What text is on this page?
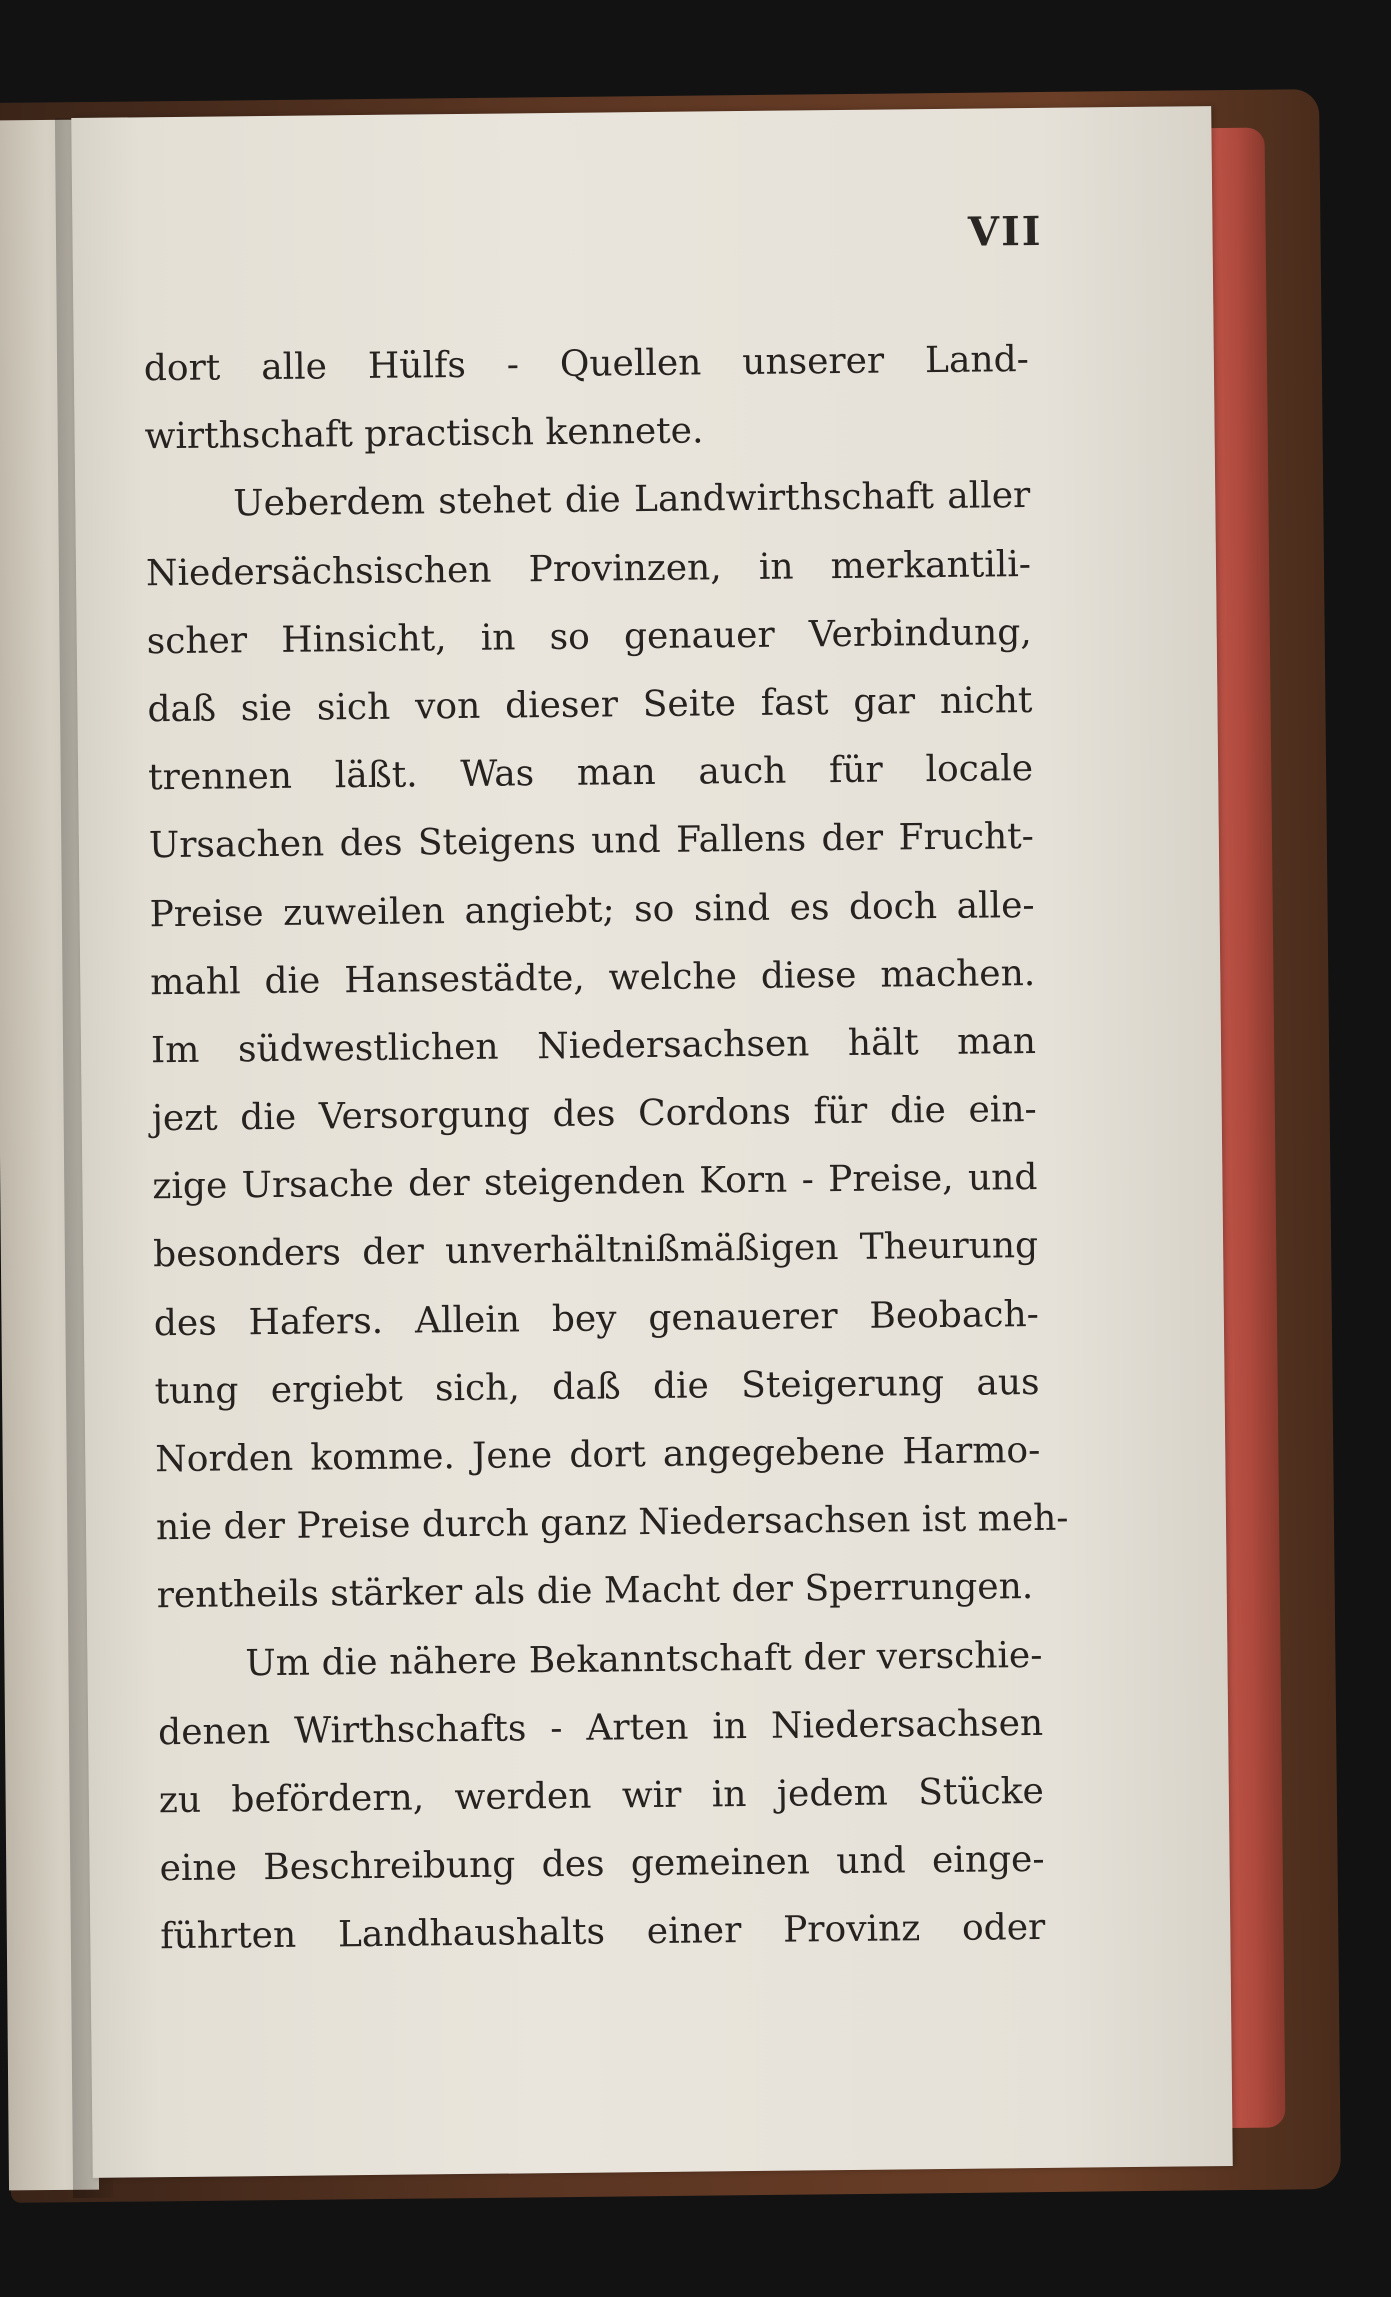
VII
dort alle Hülfs - Quellen unserer Land-
wirthschaft practisch kennete.
Ueberdem stehet die Landwirthschaft aller
Niedersächsischen Provinzen, in merkantili-
scher Hinsicht, in so genauer Verbindung,
daß sie sich von dieser Seite fast gar nicht
trennen läßt. Was man auch für locale
Ursachen des Steigens und Fallens der Frucht-
Preise zuweilen angiebt; so sind es doch alle-
mahl die Hansestädte, welche diese machen.
Im südwestlichen Niedersachsen hält man
jezt die Versorgung des Cordons für die ein-
zige Ursache der steigenden Korn - Preise, und
besonders der unverhältnißmäßigen Theurung
des Hafers. Allein bey genauerer Beobach-
tung ergiebt sich, daß die Steigerung aus
Norden komme. Jene dort angegebene Harmo-
nie der Preise durch ganz Niedersachsen ist meh-
rentheils stärker als die Macht der Sperrungen.
Um die nähere Bekanntschaft der verschie-
denen Wirthschafts - Arten in Niedersachsen
zu befördern, werden wir in jedem Stücke
eine Beschreibung des gemeinen und einge-
führten Landhaushalts einer Provinz oder
